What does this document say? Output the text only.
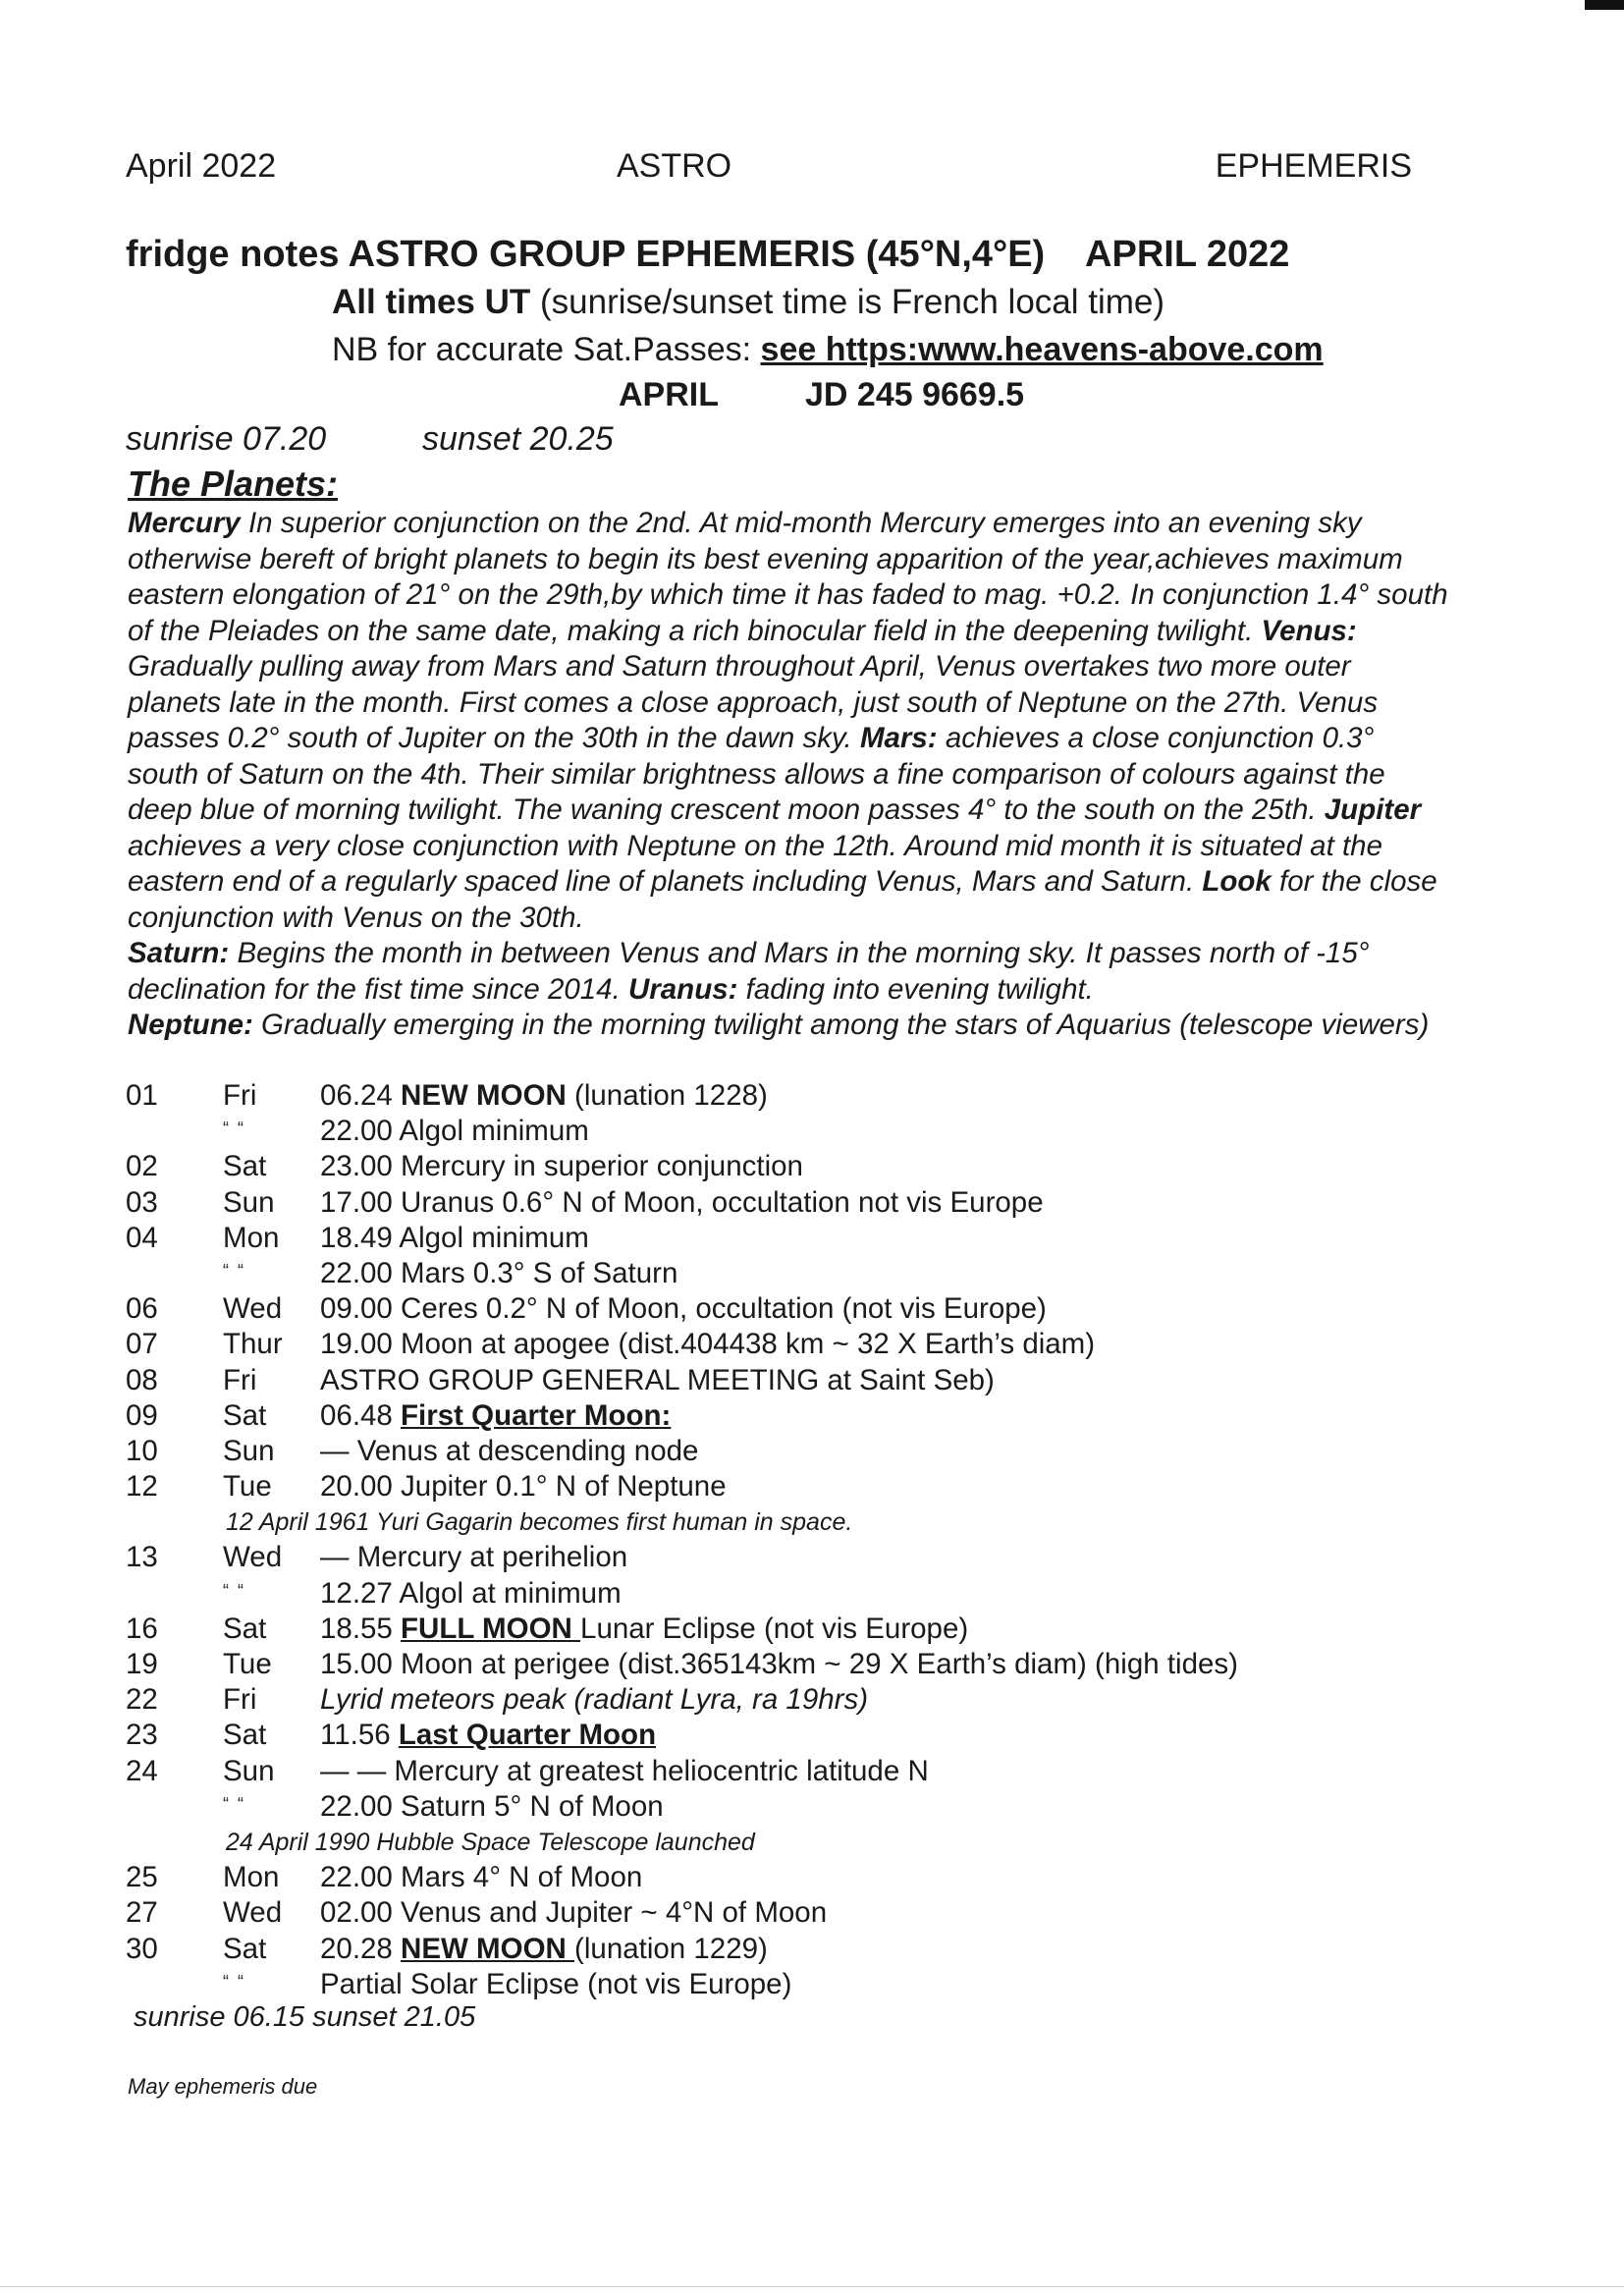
April 2022	ASTRO	EPHEMERIS
fridge notes ASTRO GROUP EPHEMERIS (45°N,4°E)    APRIL 2022
All times UT (sunrise/sunset time is French local time)
NB for accurate Sat.Passes: see https:www.heavens-above.com
APRIL	JD 245 9669.5
sunrise 07.20	sunset 20.25
The Planets:
Mercury In superior conjunction on the 2nd. At mid-month Mercury emerges into an evening sky otherwise bereft of bright planets to begin its best evening apparition of the year,achieves maximum eastern elongation of 21° on the 29th,by which time it has faded to mag. +0.2. In conjunction 1.4° south of the Pleiades on the same date, making a rich binocular field in the deepening twilight. Venus: Gradually pulling away from Mars and Saturn throughout April, Venus overtakes two more outer planets late in the month. First comes a close approach, just south of Neptune on the 27th. Venus passes 0.2° south of Jupiter on the 30th in the dawn sky. Mars: achieves a close conjunction 0.3° south of Saturn on the 4th. Their similar brightness allows a fine comparison of colours against the deep blue of morning twilight. The waning crescent moon passes 4° to the south on the 25th. Jupiter achieves a very close conjunction with Neptune on the 12th. Around mid month it is situated at the eastern end of a regularly spaced line of planets including Venus, Mars and Saturn. Look for the close conjunction with Venus on the 30th.
Saturn: Begins the month in between Venus and Mars in the morning sky. It passes north of -15° declination for the fist time since 2014. Uranus: fading into evening twilight.
Neptune: Gradually emerging in the morning twilight among the stars of Aquarius (telescope viewers)
01 Fri 06.24 NEW MOON (lunation 1228)
“ “	22.00 Algol minimum
02 Sat 23.00 Mercury in superior conjunction
03 Sun 17.00 Uranus 0.6° N of Moon, occultation not vis Europe
04 Mon 18.49 Algol minimum
“ “	22.00 Mars 0.3° S of Saturn
06 Wed 09.00 Ceres 0.2° N of Moon, occultation (not vis Europe)
07 Thur 19.00 Moon at apogee (dist.404438 km ~ 32 X Earth’s diam)
08 Fri ASTRO GROUP GENERAL MEETING at Saint Seb)
09 Sat 06.48 First Quarter Moon:
10 Sun — Venus at descending node
12 Tue 20.00 Jupiter 0.1° N of Neptune
12 April 1961 Yuri Gagarin becomes first human in space.
13 Wed — Mercury at perihelion
“ “	12.27 Algol at minimum
16 Sat 18.55 FULL MOON Lunar Eclipse (not vis Europe)
19 Tue 15.00 Moon at perigee (dist.365143km ~ 29 X Earth’s diam) (high tides)
22 Fri Lyrid meteors peak (radiant Lyra, ra 19hrs)
23 Sat 11.56 Last Quarter Moon
24 Sun — — Mercury at greatest heliocentric latitude N
“ “	22.00 Saturn 5° N of Moon
24 April 1990 Hubble Space Telescope launched
25 Mon 22.00 Mars 4° N of Moon
27 Wed 02.00 Venus and Jupiter ~ 4°N of Moon
30 Sat 20.28 NEW MOON (lunation 1229)
“ “	Partial Solar Eclipse (not vis Europe)
sunrise 06.15 sunset 21.05
May ephemeris due
